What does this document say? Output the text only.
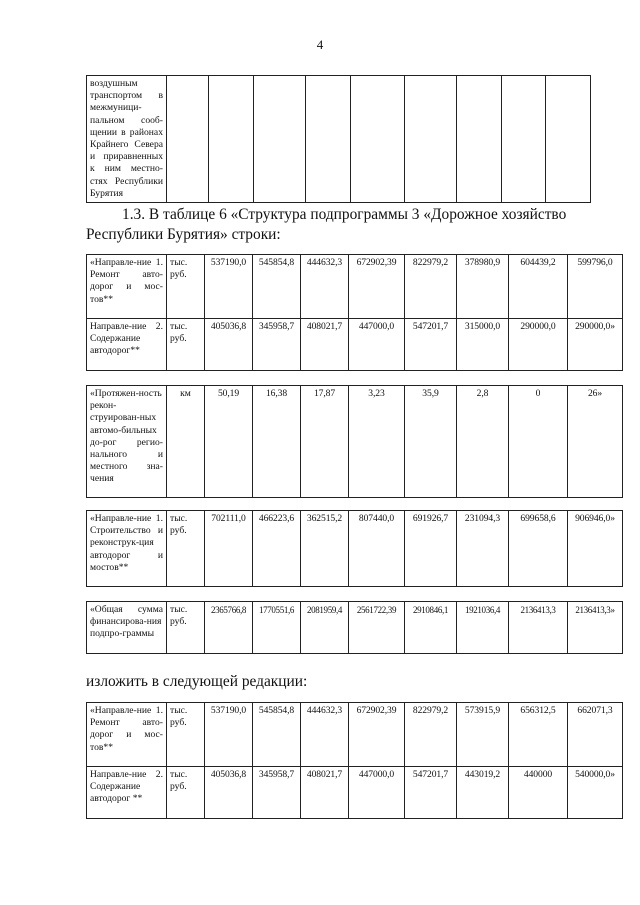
4
воздушным транспортом в межмуници-пальном сооб-щении в районах Крайнего Севера и приравненных к ним местно-стях Республики Бурятия									
1.3. В таблице 6 «Структура подпрограммы 3 «Дорожное хозяйство
Республики Бурятия» строки:
«Направле-ние 1. Ремонт авто-дорог и мос-тов**	тыс. руб.	537190,0	545854,8	444632,3	672902,39	822979,2	378980,9	604439,2	599796,0
Направле-ние 2. Содержание автодорог**	тыс. руб.	405036,8	345958,7	408021,7	447000,0	547201,7	315000,0	290000,0	290000,0»
«Протяжен-ность рекон-струирован-ных автомо-бильных до-рог регио-нального и местного зна-чения	км	50,19	16,38	17,87	3,23	35,9	2,8	0	26»
«Направле-ние 1. Строительство и реконструк-ция автодорог и мостов**	тыс. руб.	702111,0	466223,6	362515,2	807440,0	691926,7	231094,3	699658,6	906946,0»
«Общая сумма финансирова-ния подпро-граммы	тыс. руб.	2365766,8	1770551,6	2081959,4	2561722,39	2910846,1	1921036,4	2136413,3	2136413,3»
изложить в следующей редакции:
«Направле-ние 1. Ремонт авто-дорог и мос-тов**	тыс. руб.	537190,0	545854,8	444632,3	672902,39	822979,2	573915,9	656312,5	662071,3
Направле-ние 2. Содержание автодорог **	тыс. руб.	405036,8	345958,7	408021,7	447000,0	547201,7	443019,2	440000	540000,0»
